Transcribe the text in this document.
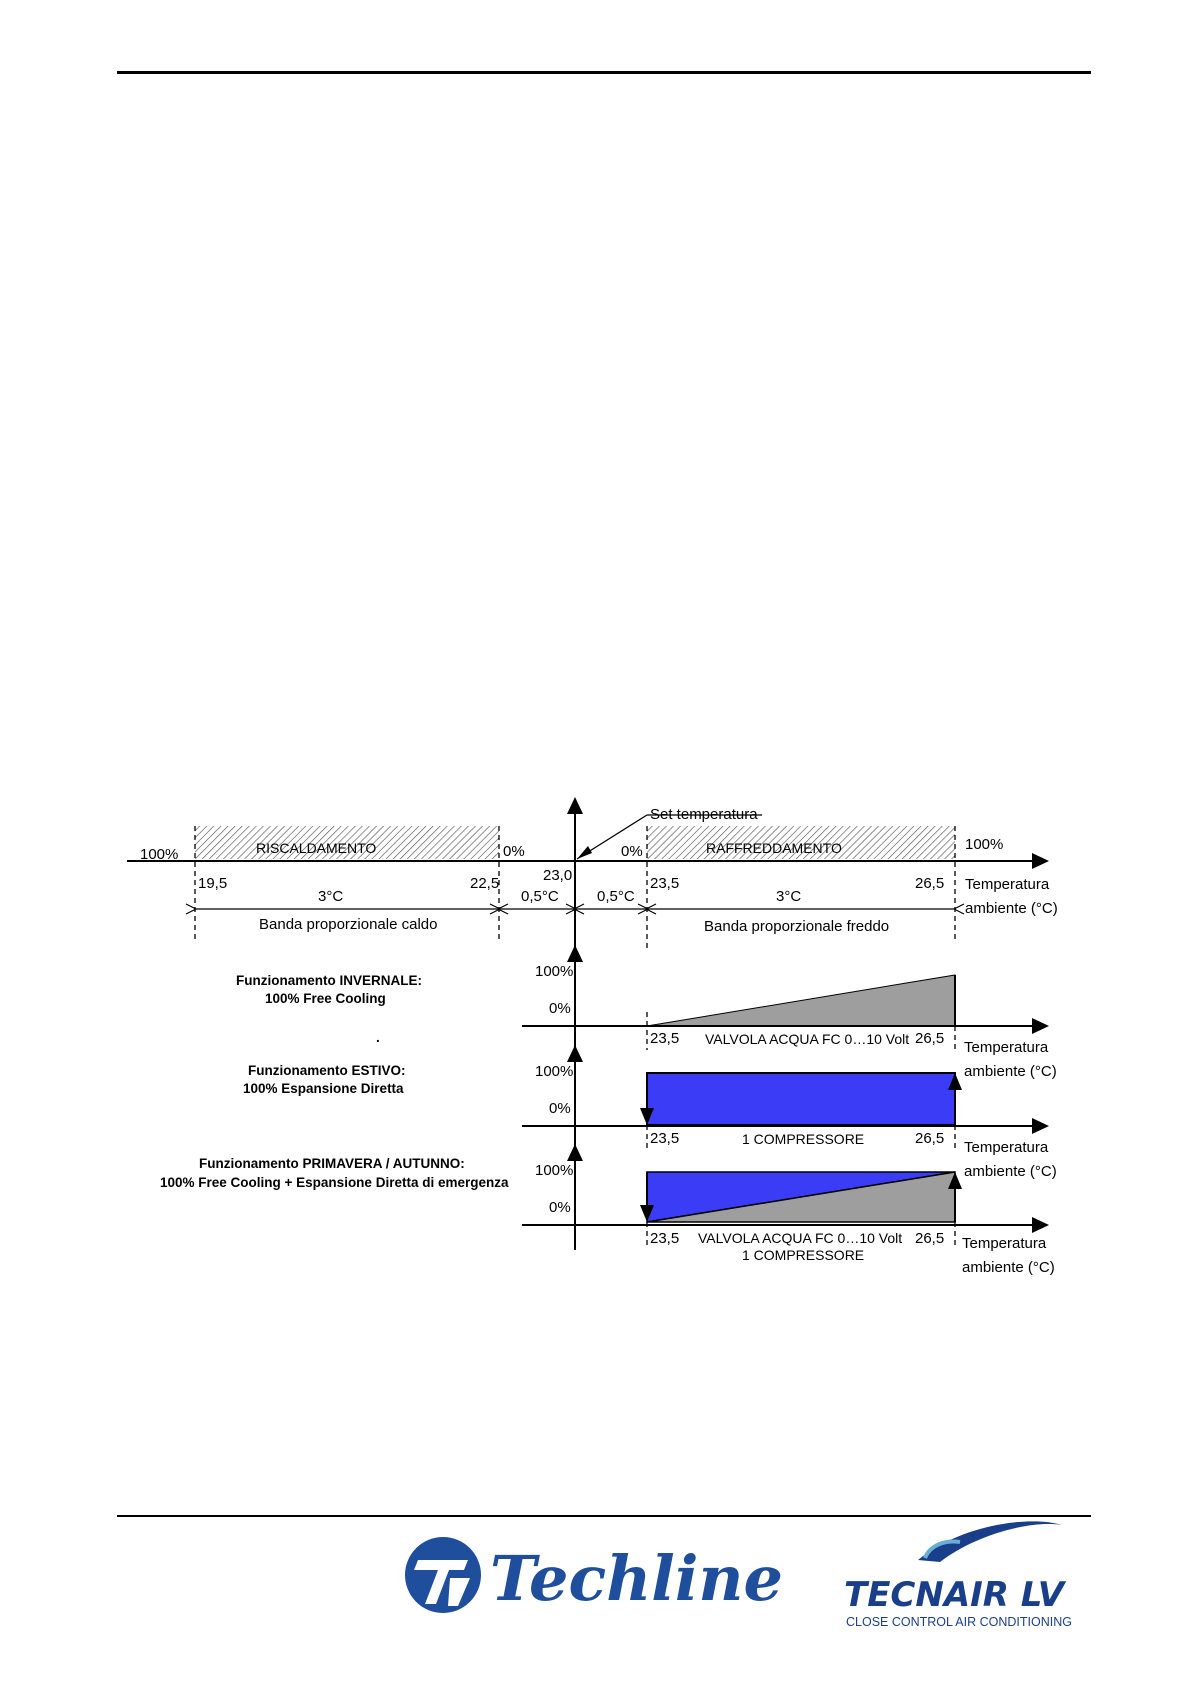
100%	RISCALDAMENTO	0%
Set temperatura
0%	RAFFREDDAMENTO	100%
19,5	22,5	23,0	23,5	26,5
0,5°C	0,5°C
3°C	3°C
Banda proporzionale caldo	Banda proporzionale freddo
Temperatura
ambiente (°C)
Funzionamento INVERNALE:
100% Free Cooling
100%
0%
23,5	26,5
VALVOLA ACQUA FC 0…10 Volt	Temperatura
ambiente (°C)
.
Funzionamento ESTIVO:
100% Espansione Diretta
100%
0%
23,5	26,5
1 COMPRESSORE	Temperatura
ambiente (°C)
Funzionamento PRIMAVERA / AUTUNNO:
100% Free Cooling + Espansione Diretta di emergenza
100%
0%
23,5	26,5
VALVOLA ACQUA FC 0…10 Volt
1 COMPRESSORE
Temperatura
ambiente (°C)
Techline TECNAIR LV
CLOSE CONTROL AIR CONDITIONING
